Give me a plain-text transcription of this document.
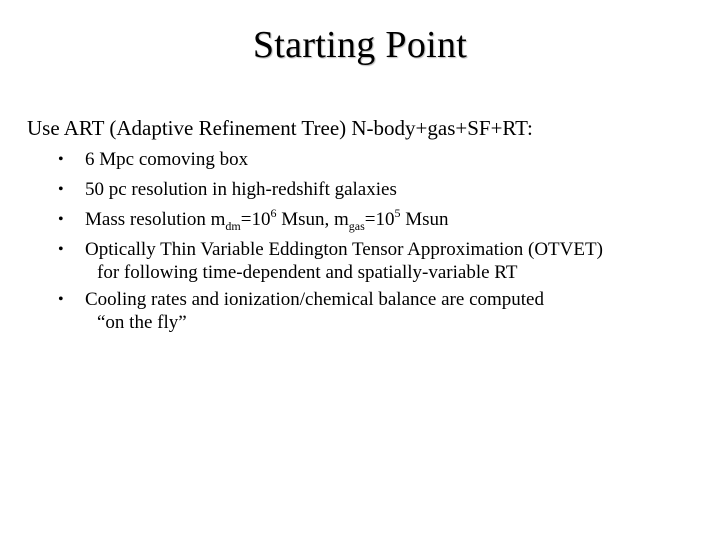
Starting Point
Use ART (Adaptive Refinement Tree) N-body+gas+SF+RT:
• 6 Mpc comoving box
• 50 pc resolution in high-redshift galaxies
• Mass resolution $m_{dm}=10^6$ Msun, $m_{gas}=10^5$ Msun
• Optically Thin Variable Eddington Tensor Approximation (OTVET)
for following time-dependent and spatially-variable RT
• Cooling rates and ionization/chemical balance are computed
“on the fly”
